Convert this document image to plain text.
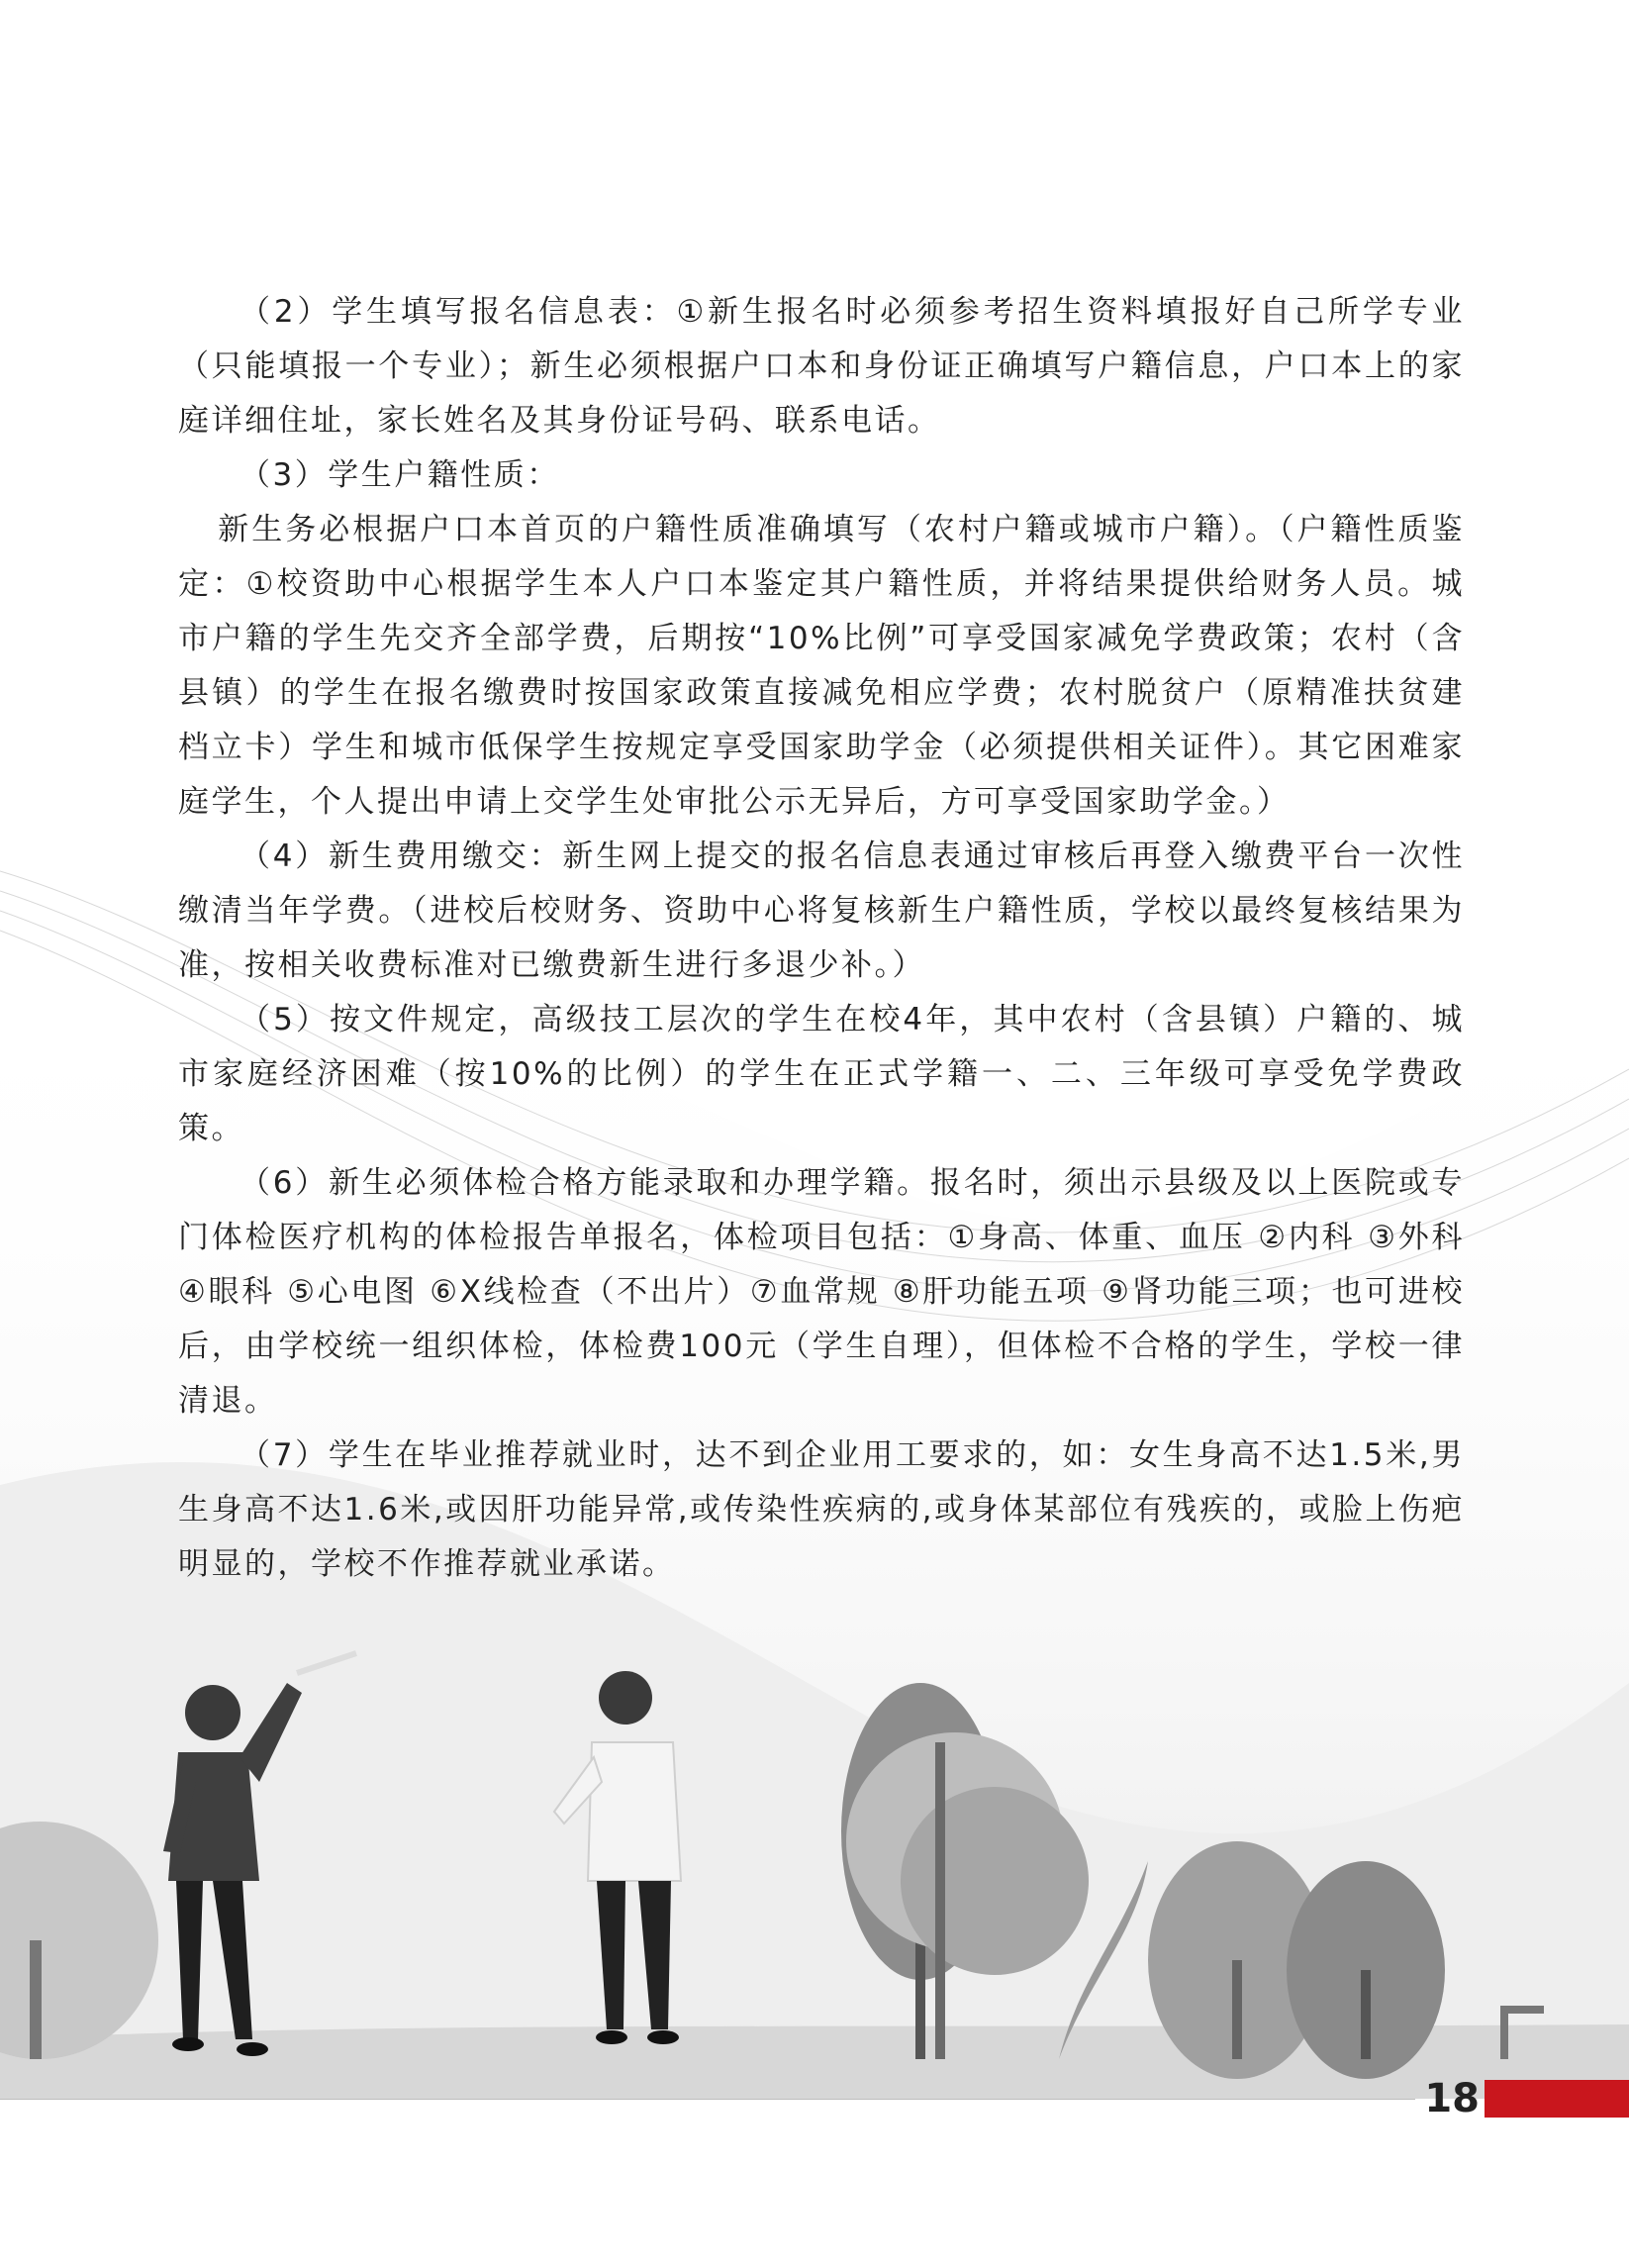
（2）学生填写报名信息表：①新生报名时必须参考招生资料填报好自己所学专业（只能填报一个专业）；新生必须根据户口本和身份证正确填写户籍信息，户口本上的家庭详细住址，家长姓名及其身份证号码、联系电话。

（3）学生户籍性质：

新生务必根据户口本首页的户籍性质准确填写（农村户籍或城市户籍）。（户籍性质鉴定：①校资助中心根据学生本人户口本鉴定其户籍性质，并将结果提供给财务人员。城市户籍的学生先交齐全部学费，后期按“10%比例”可享受国家减免学费政策；农村（含县镇）的学生在报名缴费时按国家政策直接减免相应学费；农村脱贫户（原精准扶贫建档立卡）学生和城市低保学生按规定享受国家助学金（必须提供相关证件）。其它困难家庭学生，个人提出申请上交学生处审批公示无异后，方可享受国家助学金。）

（4）新生费用缴交：新生网上提交的报名信息表通过审核后再登入缴费平台一次性缴清当年学费。（进校后校财务、资助中心将复核新生户籍性质，学校以最终复核结果为准，按相关收费标准对已缴费新生进行多退少补。）

（5）按文件规定，高级技工层次的学生在校4年，其中农村（含县镇）户籍的、城市家庭经济困难（按10%的比例）的学生在正式学籍一、二、三年级可享受免学费政策。

（6）新生必须体检合格方能录取和办理学籍。报名时，须出示县级及以上医院或专门体检医疗机构的体检报告单报名，体检项目包括：①身高、体重、血压 ②内科 ③外科 ④眼科 ⑤心电图 ⑥X线检查（不出片）⑦血常规 ⑧肝功能五项 ⑨肾功能三项；也可进校后，由学校统一组织体检，体检费100元（学生自理），但体检不合格的学生，学校一律清退。

（7）学生在毕业推荐就业时，达不到企业用工要求的，如：女生身高不达1.5米,男生身高不达1.6米,或因肝功能异常,或传染性疾病的,或身体某部位有残疾的，或脸上伤疤明显的，学校不作推荐就业承诺。

18
